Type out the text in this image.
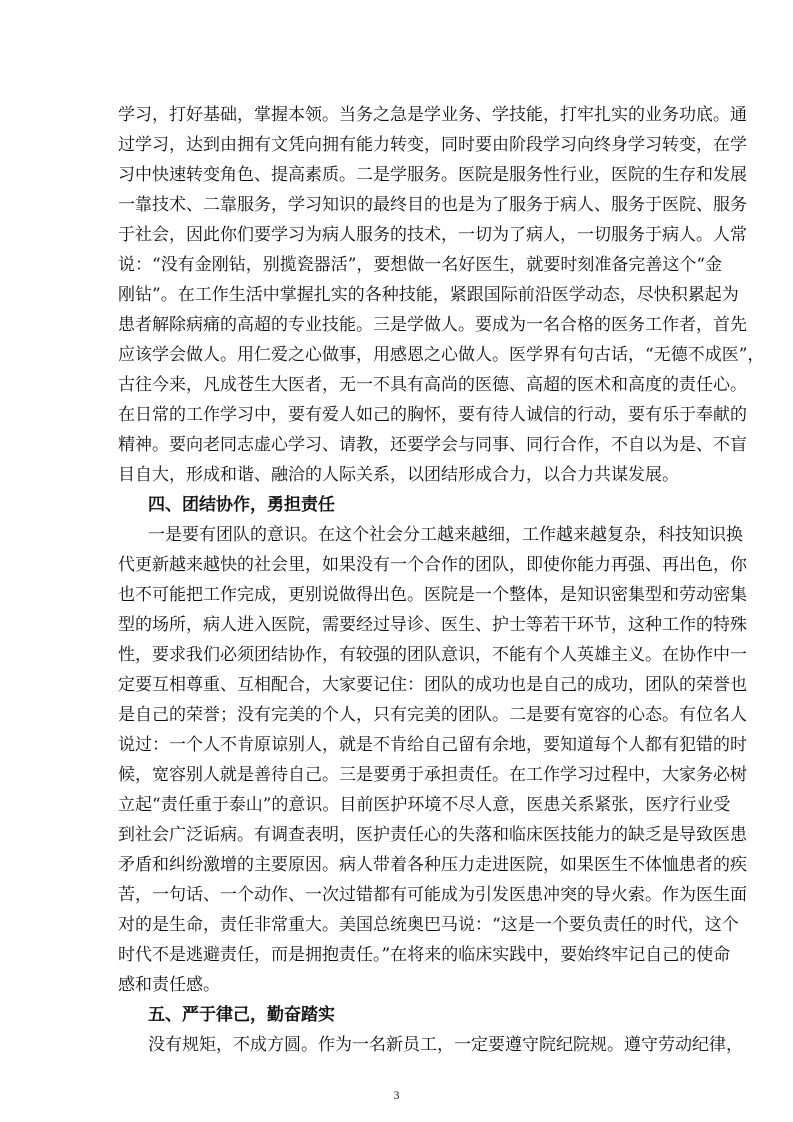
学习，打好基础，掌握本领。当务之急是学业务、学技能，打牢扎实的业务功底。通
过学习，达到由拥有文凭向拥有能力转变，同时要由阶段学习向终身学习转变，在学
习中快速转变角色、提高素质。二是学服务。医院是服务性行业，医院的生存和发展
一靠技术、二靠服务，学习知识的最终目的也是为了服务于病人、服务于医院、服务
于社会，因此你们要学习为病人服务的技术，一切为了病人，一切服务于病人。人常
说：“没有金刚钻，别揽瓷器活”，要想做一名好医生，就要时刻准备完善这个“金
刚钻”。在工作生活中掌握扎实的各种技能，紧跟国际前沿医学动态，尽快积累起为
患者解除病痛的高超的专业技能。三是学做人。要成为一名合格的医务工作者，首先
应该学会做人。用仁爱之心做事，用感恩之心做人。医学界有句古话，“无德不成医”，
古往今来，凡成苍生大医者，无一不具有高尚的医德、高超的医术和高度的责任心。
在日常的工作学习中，要有爱人如己的胸怀，要有待人诚信的行动，要有乐于奉献的
精神。要向老同志虚心学习、请教，还要学会与同事、同行合作，不自以为是、不盲
目自大，形成和谐、融洽的人际关系，以团结形成合力，以合力共谋发展。
四、团结协作，勇担责任
一是要有团队的意识。在这个社会分工越来越细，工作越来越复杂，科技知识换
代更新越来越快的社会里，如果没有一个合作的团队，即使你能力再强、再出色，你
也不可能把工作完成，更别说做得出色。医院是一个整体，是知识密集型和劳动密集
型的场所，病人进入医院，需要经过导诊、医生、护士等若干环节，这种工作的特殊
性，要求我们必须团结协作，有较强的团队意识，不能有个人英雄主义。在协作中一
定要互相尊重、互相配合，大家要记住：团队的成功也是自己的成功，团队的荣誉也
是自己的荣誉；没有完美的个人，只有完美的团队。二是要有宽容的心态。有位名人
说过：一个人不肯原谅别人，就是不肯给自己留有余地，要知道每个人都有犯错的时
候，宽容别人就是善待自己。三是要勇于承担责任。在工作学习过程中，大家务必树
立起“责任重于泰山”的意识。目前医护环境不尽人意，医患关系紧张，医疗行业受
到社会广泛诟病。有调查表明，医护责任心的失落和临床医技能力的缺乏是导致医患
矛盾和纠纷激增的主要原因。病人带着各种压力走进医院，如果医生不体恤患者的疾
苦，一句话、一个动作、一次过错都有可能成为引发医患冲突的导火索。作为医生面
对的是生命，责任非常重大。美国总统奥巴马说：“这是一个要负责任的时代，这个
时代不是逃避责任，而是拥抱责任。”在将来的临床实践中，要始终牢记自己的使命
感和责任感。
五、严于律己，勤奋踏实
没有规矩，不成方圆。作为一名新员工，一定要遵守院纪院规。遵守劳动纪律，
3
